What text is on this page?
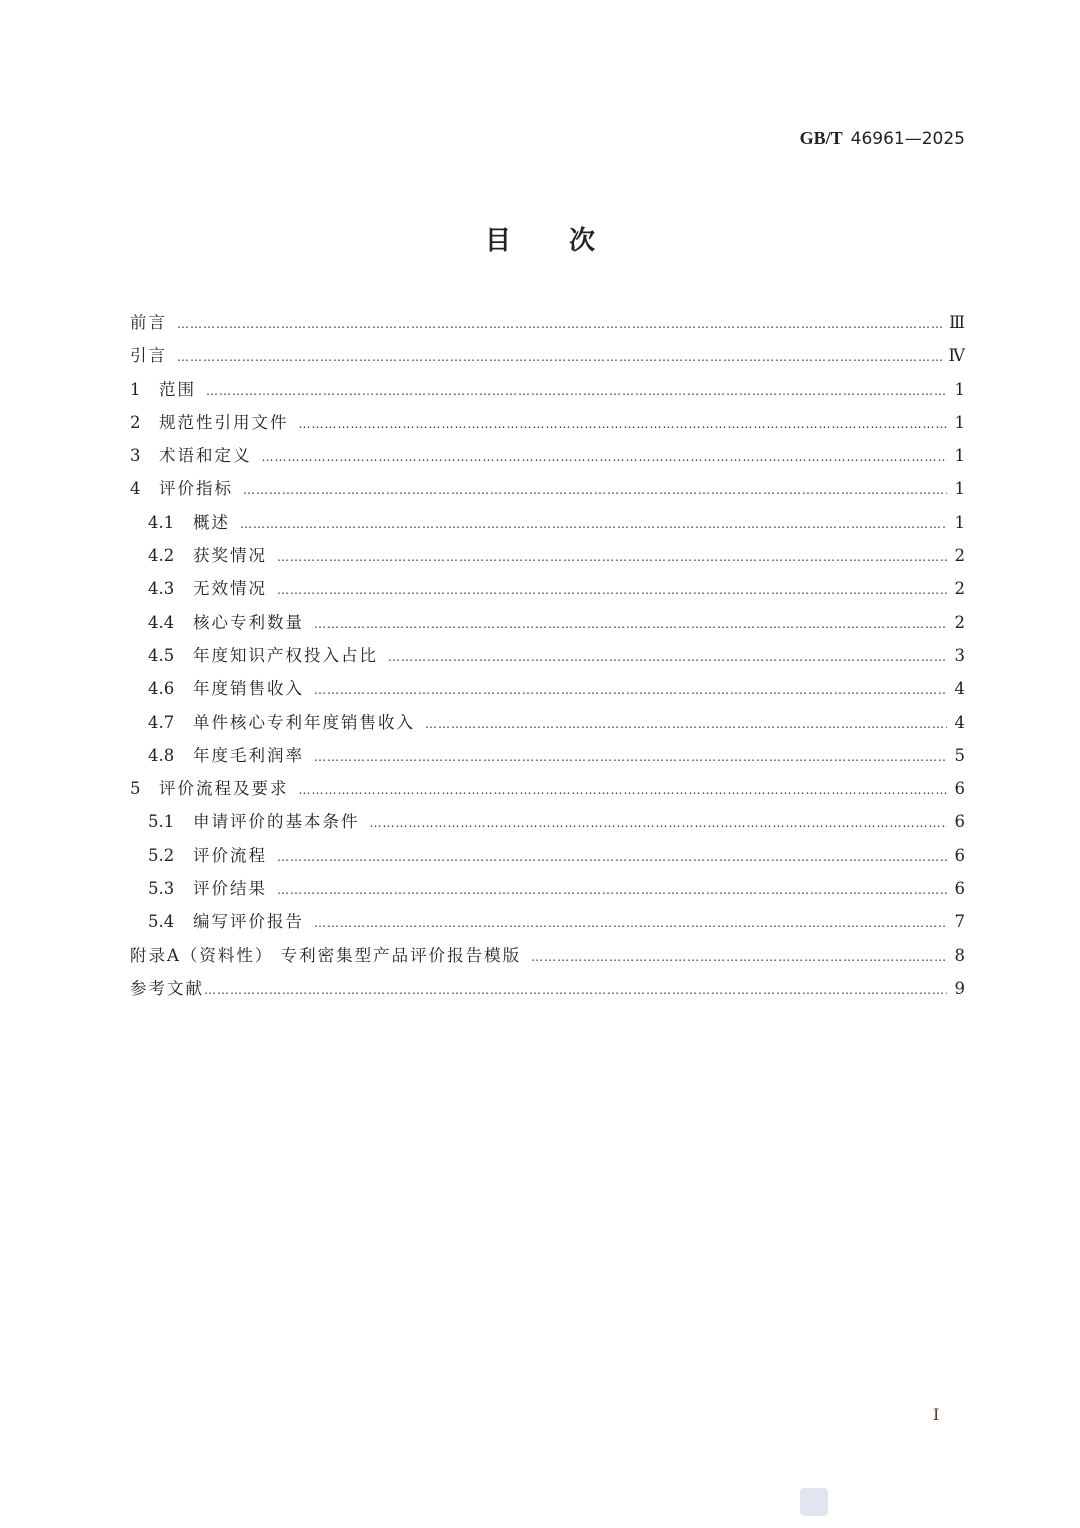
GB/T 46961—2025
目次
前言 …………………………………………………………………………………………………………………………………………………………………………………………………………	Ⅲ
引言 …………………………………………………………………………………………………………………………………………………………………………………………………………	Ⅳ
1	范围 …………………………………………………………………………………………………………………………………………………………………………………………………………	1
2	规范性引用文件 …………………………………………………………………………………………………………………………………………………………………………………………………………	1
3	术语和定义 …………………………………………………………………………………………………………………………………………………………………………………………………………	1
4	评价指标 …………………………………………………………………………………………………………………………………………………………………………………………………………	1
4.1	概述 …………………………………………………………………………………………………………………………………………………………………………………………………………	1
4.2	获奖情况 …………………………………………………………………………………………………………………………………………………………………………………………………………	2
4.3	无效情况 …………………………………………………………………………………………………………………………………………………………………………………………………………	2
4.4	核心专利数量 …………………………………………………………………………………………………………………………………………………………………………………………………………	2
4.5	年度知识产权投入占比 …………………………………………………………………………………………………………………………………………………………………………………………………………	3
4.6	年度销售收入 …………………………………………………………………………………………………………………………………………………………………………………………………………	4
4.7	单件核心专利年度销售收入 …………………………………………………………………………………………………………………………………………………………………………………………………………	4
4.8	年度毛利润率 …………………………………………………………………………………………………………………………………………………………………………………………………………	5
5	评价流程及要求 …………………………………………………………………………………………………………………………………………………………………………………………………………	6
5.1	申请评价的基本条件 …………………………………………………………………………………………………………………………………………………………………………………………………………	6
5.2	评价流程 …………………………………………………………………………………………………………………………………………………………………………………………………………	6
5.3	评价结果 …………………………………………………………………………………………………………………………………………………………………………………………………………	6
5.4	编写评价报告 …………………………………………………………………………………………………………………………………………………………………………………………………………	7
附录A（资料性） 专利密集型产品评价报告模版 …………………………………………………………………………………………………………………………………………………………………………………………………………	8
参考文献 …………………………………………………………………………………………………………………………………………………………………………………………………………	9
I
